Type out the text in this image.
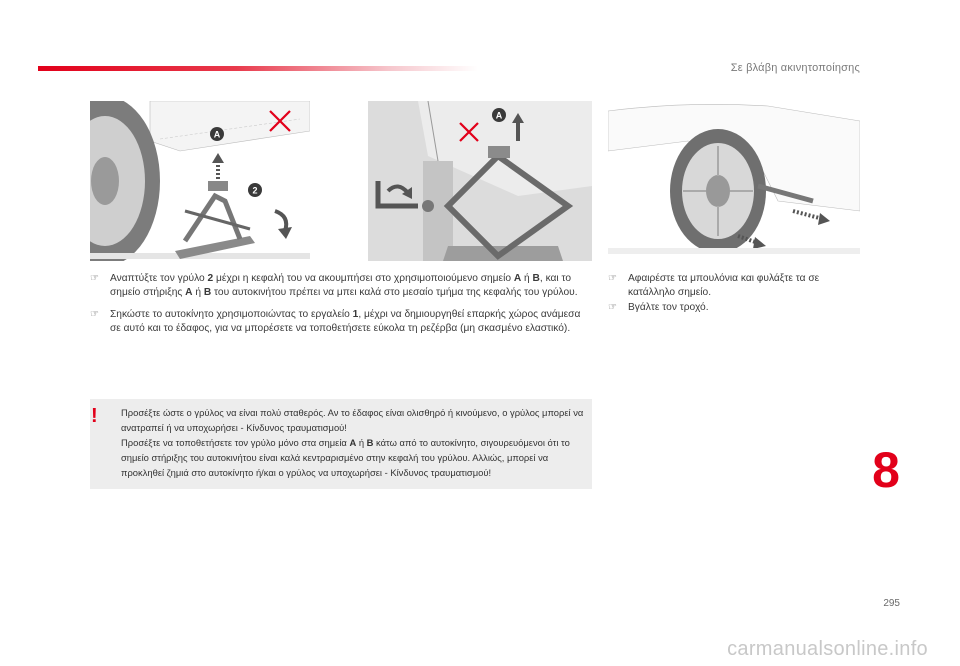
Σε βλάβη ακινητοποίησης
A
2
A
☞ Αναπτύξτε τον γρύλο 2 μέχρι η κεφαλή του να ακουμπήσει στο χρησιμοποιούμενο σημείο A ή B, και το σημείο στήριξης A ή B του αυτοκινήτου πρέπει να μπει καλά στο μεσαίο τμήμα της κεφαλής του γρύλου.
☞ Σηκώστε το αυτοκίνητο χρησιμοποιώντας το εργαλείο 1, μέχρι να δημιουργηθεί επαρκής χώρος ανάμεσα σε αυτό και το έδαφος, για να μπορέσετε να τοποθετήσετε εύκολα τη ρεζέρβα (μη σκασμένο ελαστικό).
☞ Αφαιρέστε τα μπουλόνια και φυλάξτε τα σε κατάλληλο σημείο.
☞ Βγάλτε τον τροχό.
! Προσέξτε ώστε ο γρύλος να είναι πολύ σταθερός. Αν το έδαφος είναι ολισθηρό ή κινούμενο, ο γρύλος μπορεί να ανατραπεί ή να υποχωρήσει - Κίνδυνος τραυματισμού!
Προσέξτε να τοποθετήσετε τον γρύλο μόνο στα σημεία A ή B κάτω από το αυτοκίνητο, σιγουρευόμενοι ότι το σημείο στήριξης του αυτοκινήτου είναι καλά κεντραρισμένο στην κεφαλή του γρύλου. Αλλιώς, μπορεί να προκληθεί ζημιά στο αυτοκίνητο ή/και ο γρύλος να υποχωρήσει - Κίνδυνος τραυματισμού!	8
295
carmanualsonline.info
